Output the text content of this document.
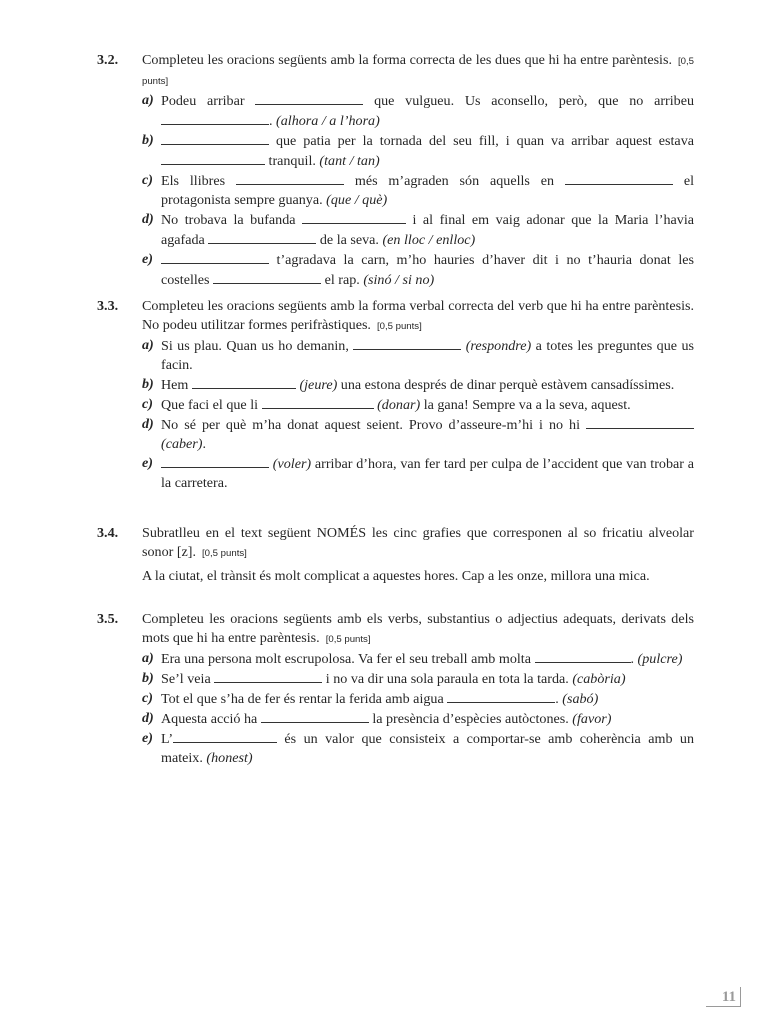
3.2. Completeu les oracions següents amb la forma correcta de les dues que hi ha entre parèntesis. [0,5 punts]
a) Podeu arribar	que vulgueu. Us aconsello, però, que no arribeu . (alhora / a l’hora)
b)	que patia per la tornada del seu fill, i quan va arribar aquest estava  tranquil. (tant / tan)
c) Els llibres	més m’agraden són aquells en	el protagonista sempre guanya. (que / què)
d) No trobava la bufanda	i al final em vaig adonar que la Maria l’havia agafada	de la seva. (en lloc / enlloc)
e)	t’agradava la carn, m’ho hauries d’haver dit i no t’hauria donat les costelles	el rap. (sinó / si no)
3.3. Completeu les oracions següents amb la forma verbal correcta del verb que hi ha entre parèntesis. No podeu utilitzar formes perifràstiques. [0,5 punts]
a) Si us plau. Quan us ho demanin,	(respondre) a totes les preguntes que us facin.
b) Hem	(jeure) una estona després de dinar perquè estàvem cansadíssimes.
c) Que faci el que li	(donar) la gana! Sempre va a la seva, aquest.
d) No sé per què m’ha donat aquest seient. Provo d’asseure-m’hi i no hi  (caber).
e)	(voler) arribar d’hora, van fer tard per culpa de l’accident que van trobar a la carretera.
3.4. Subratlleu en el text següent NOMÉS les cinc grafies que corresponen al so fricatiu alveolar sonor [z]. [0,5 punts]
A la ciutat, el trànsit és molt complicat a aquestes hores. Cap a les onze, millora una mica.
3.5. Completeu les oracions següents amb els verbs, substantius o adjectius adequats, derivats dels mots que hi ha entre parèntesis. [0,5 punts]
a) Era una persona molt escrupolosa. Va fer el seu treball amb molta	. (pulcre)
b) Se’l veia	i no va dir una sola paraula en tota la tarda. (cabòria)
c) Tot el que s’ha de fer és rentar la ferida amb aigua	. (sabó)
d) Aquesta acció ha	la presència d’espècies autòctones. (favor)
e) L’	és un valor que consisteix a comportar-se amb coherència amb un mateix. (honest)
11
